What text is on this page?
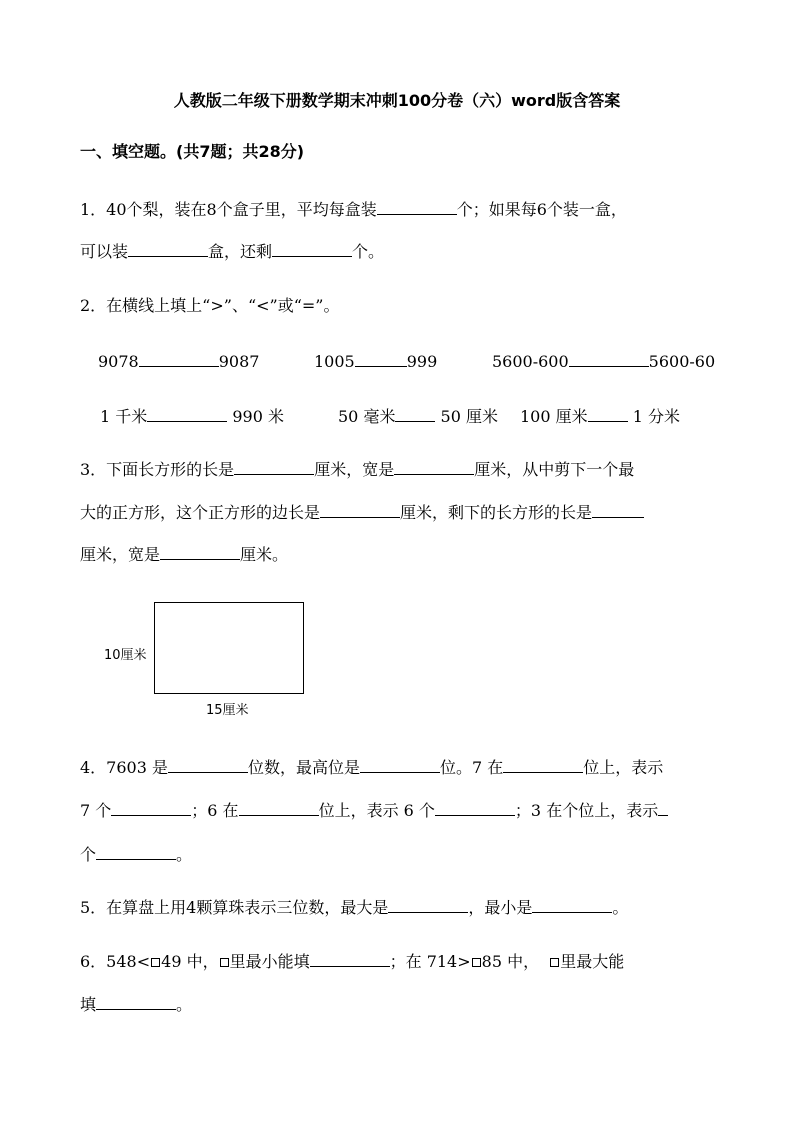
人教版二年级下册数学期末冲刺100分卷（六）word版含答案
一、填空题。(共7题；共28分)
1．40个梨，装在8个盒子里，平均每盒装	个；如果每6个装一盒，
可以装	盒，还剩	个。
2．在横线上填上“>”、“<”或“=”。
9078	9087	1005	999	5600-600	5600-60
1 千米	990 米	50 毫米	50 厘米 100 厘米	1 分米
3．下面长方形的长是	厘米，宽是	厘米，从中剪下一个最
大的正方形，这个正方形的边长是	厘米，剩下的长方形的长是
厘米，宽是	厘米。
10厘米
15厘米
4．7603 是	位数，最高位是	位。7 在	位上，表示
7 个	；6 在	位上，表示 6 个	；3 在个位上，表示
个	。
5．在算盘上用4颗算珠表示三位数，最大是	，最小是	。
6．548< 49 中， 里最小能填	；在 714> 85 中， 里最大能
填	。
